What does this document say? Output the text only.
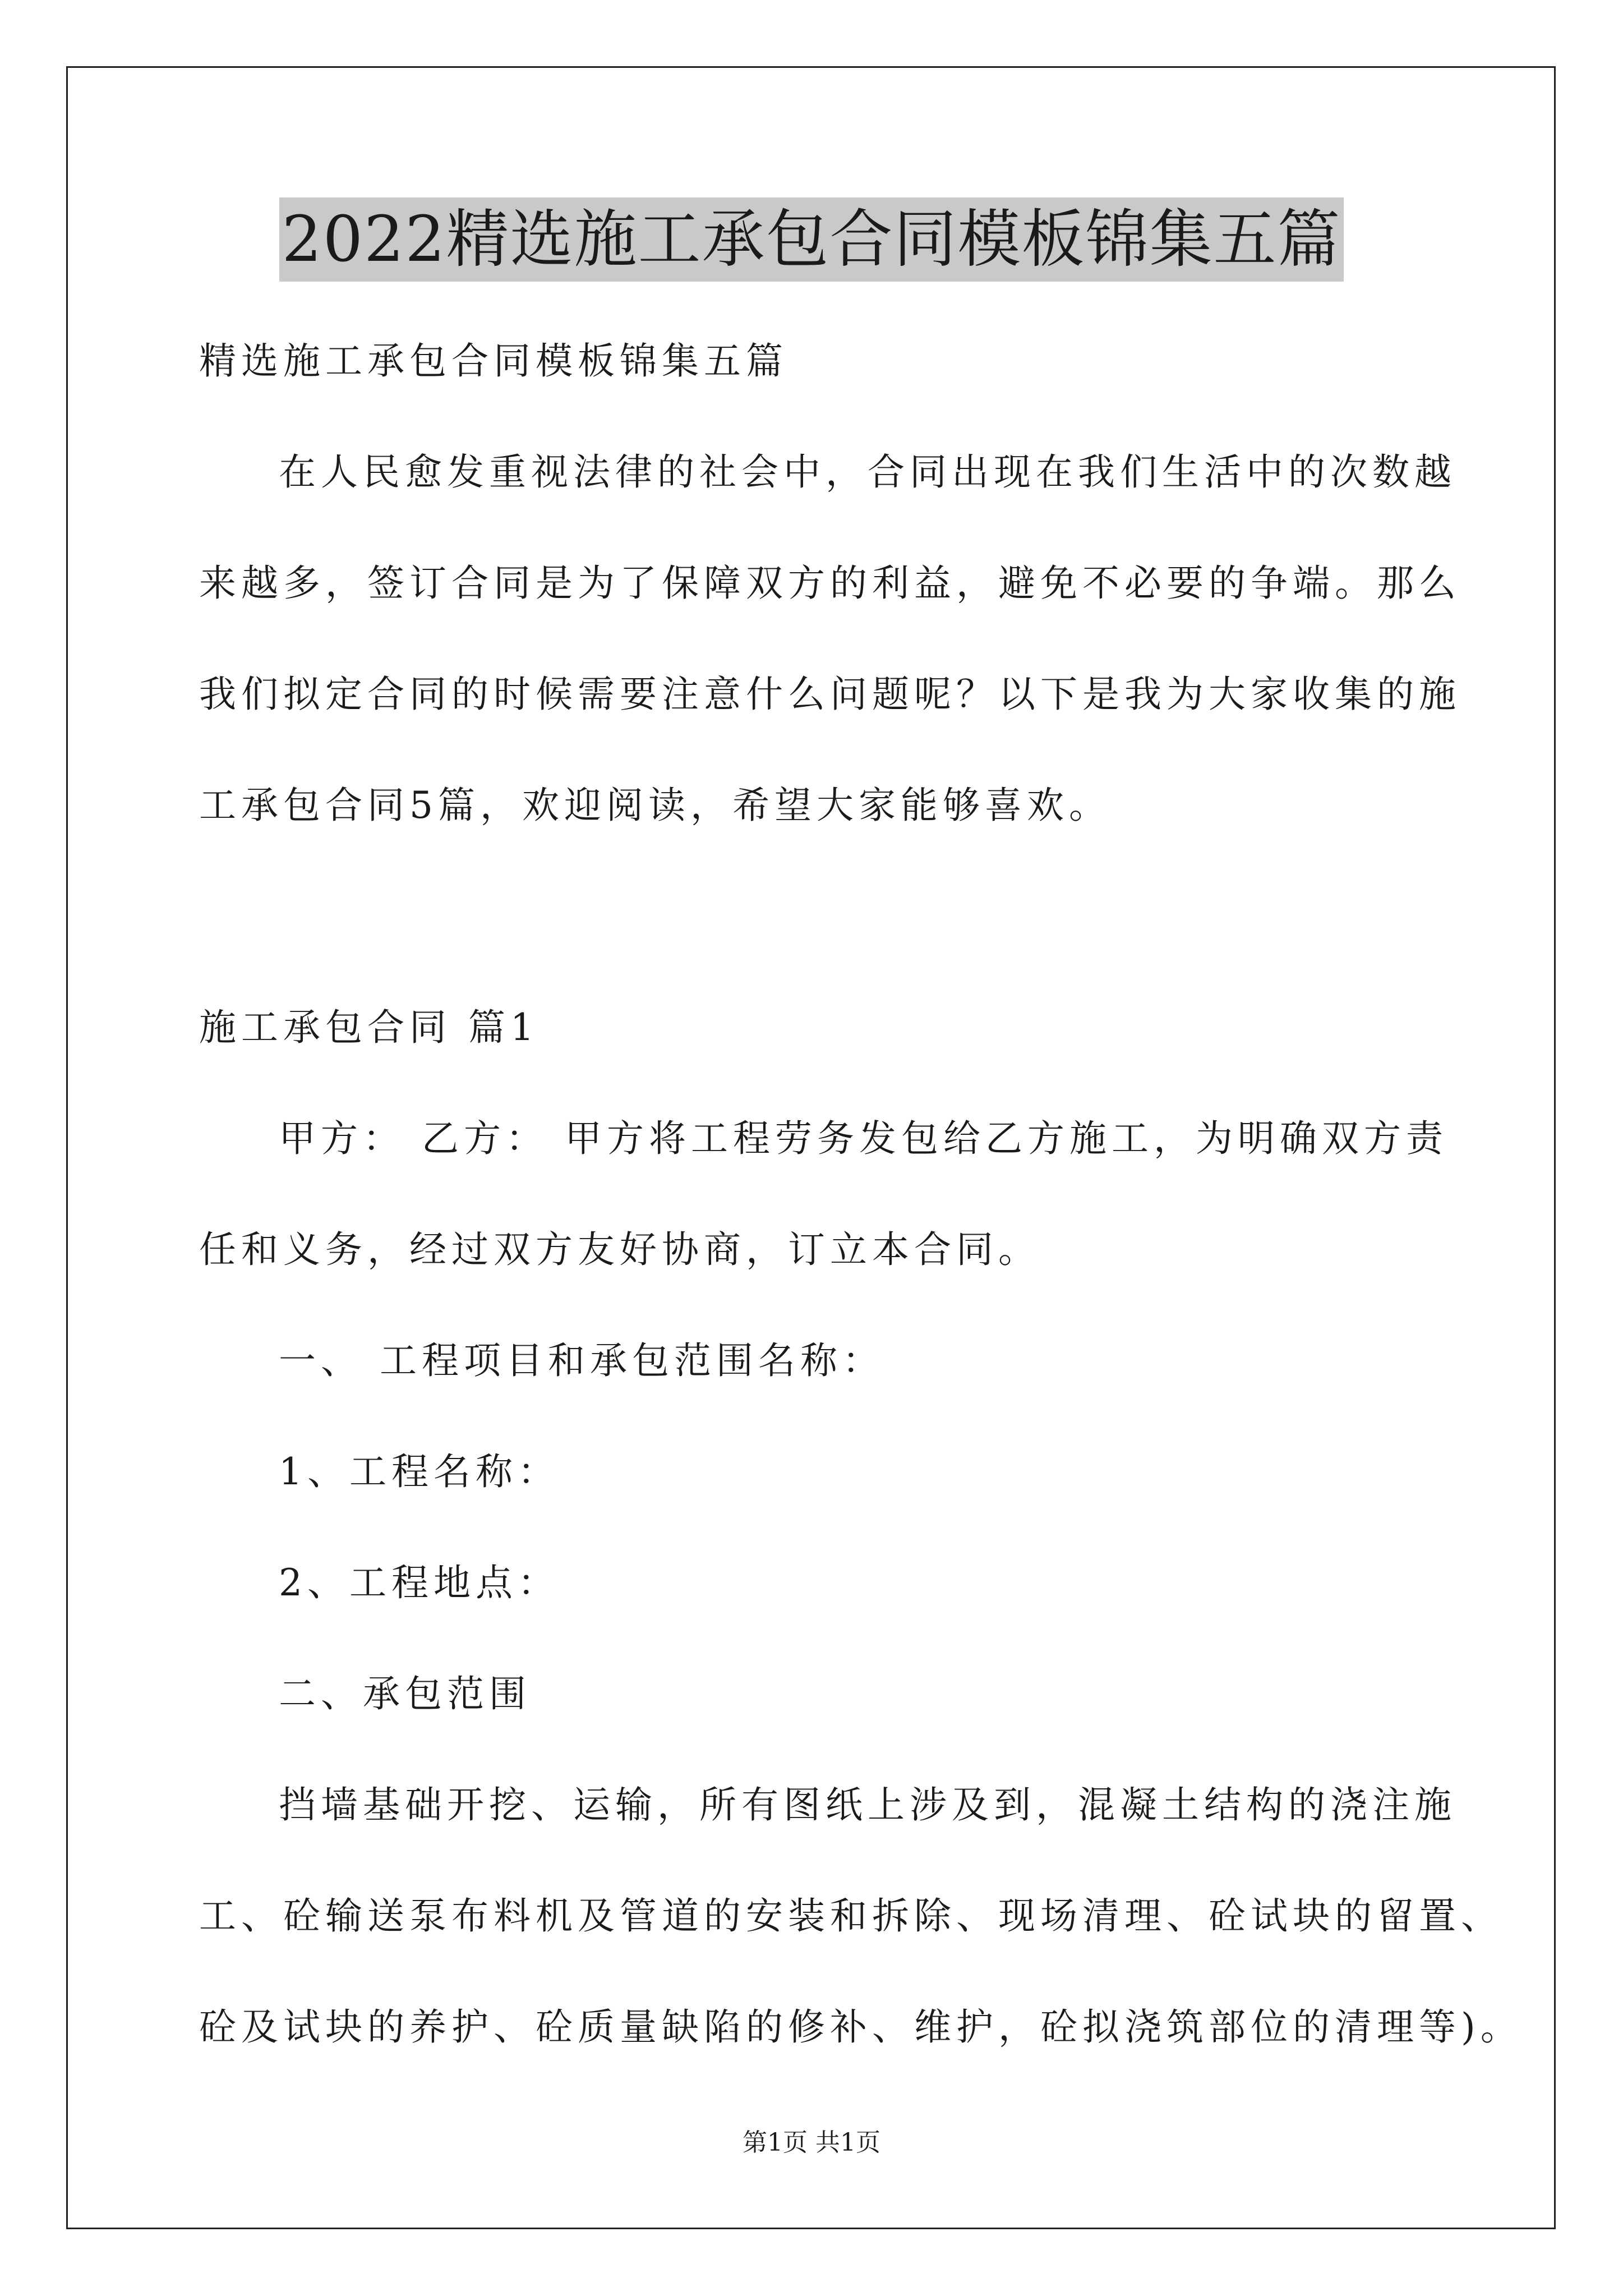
2022精选施工承包合同模板锦集五篇
精选施工承包合同模板锦集五篇
在人民愈发重视法律的社会中，合同出现在我们生活中的次数越
来越多，签订合同是为了保障双方的利益，避免不必要的争端。那么
我们拟定合同的时候需要注意什么问题呢？以下是我为大家收集的施
工承包合同5篇，欢迎阅读，希望大家能够喜欢。
施工承包合同 篇1
甲方： 乙方： 甲方将工程劳务发包给乙方施工，为明确双方责
任和义务，经过双方友好协商，订立本合同。
一、 工程项目和承包范围名称：
1、工程名称：
2、工程地点：
二、承包范围
挡墙基础开挖、运输，所有图纸上涉及到，混凝土结构的浇注施
工、砼输送泵布料机及管道的安装和拆除、现场清理、砼试块的留置、
砼及试块的养护、砼质量缺陷的修补、维护，砼拟浇筑部位的清理等)。
第1页 共1页
